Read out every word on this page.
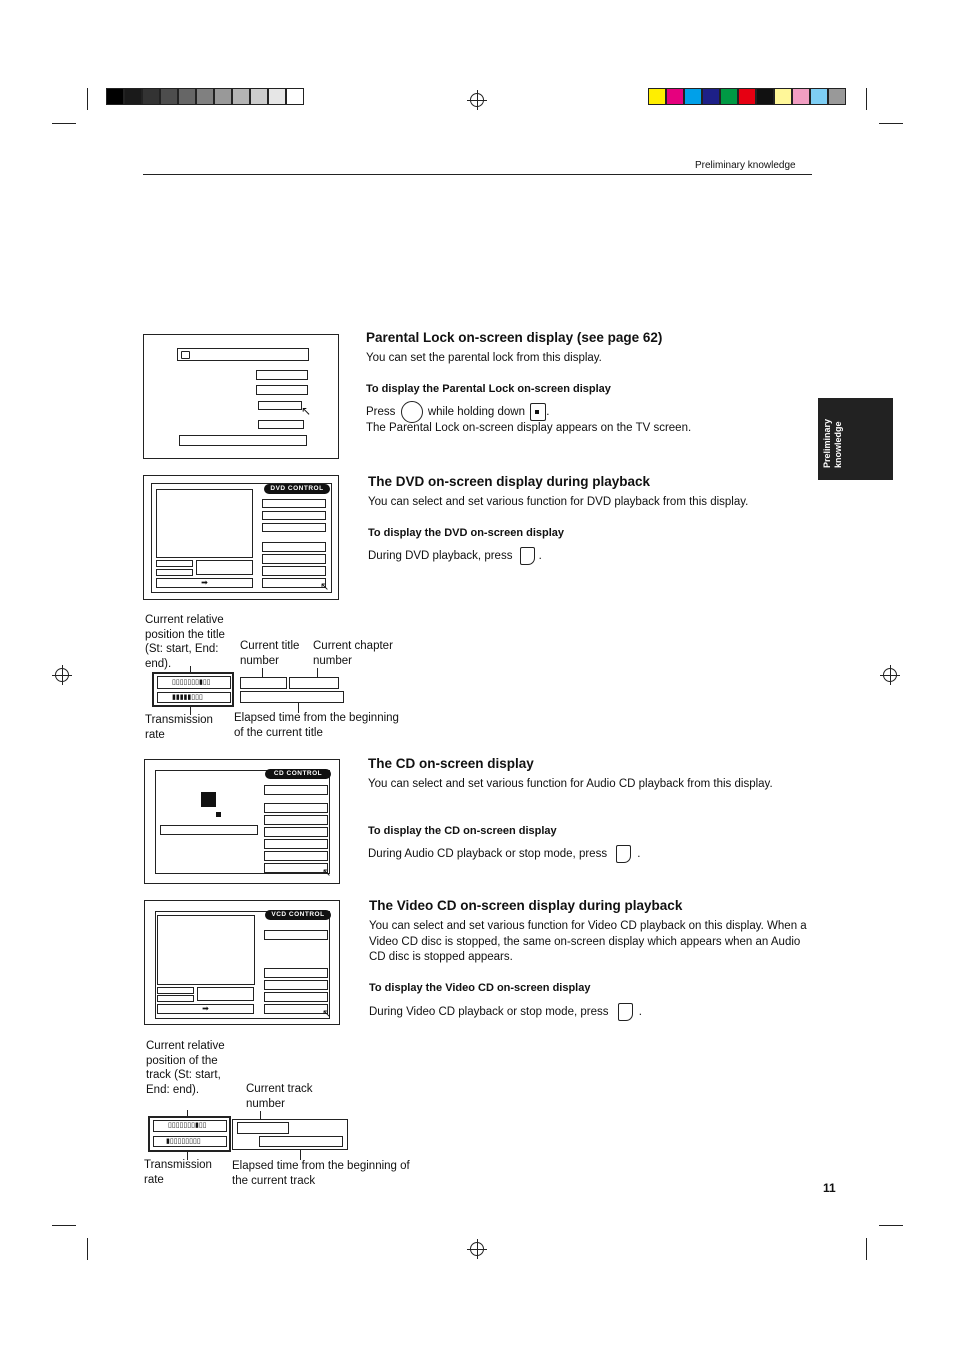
Preliminary knowledge
Preliminary knowledge
↖
Parental Lock on-screen display (see page 62)
You can set the parental lock from this display.
To display the Parental Lock on-screen display
Press	while holding down .
The Parental Lock on-screen display appears on the TV screen.
DVD CONTROL
↖
➡
The DVD on-screen display during playback
You can select and set various function for DVD playback from this display.
To display the DVD on-screen display
During DVD playback, press .
Current relative position the title (St: start, End: end).
Current title number
Current chapter number
▯▯▯▯▯▯▯▮▯▯
▮▮▮▮▮▯▯▯
Transmission rate
Elapsed time from the beginning of the current title
CD CONTROL
↖
The CD on-screen display
You can select and set various function for Audio CD playback from this display.
To display the CD on-screen display
During Audio CD playback or stop mode, press	.
VCD CONTROL
↖
➡
The Video CD on-screen display during playback
You can select and set various function for Video CD playback on this display. When a Video CD disc is stopped, the same on-screen display which appears when an Audio CD disc is stopped appears.
To display the Video CD on-screen display
During Video CD playback or stop mode, press	.
Current relative position of the track (St: start, End: end).	Current track number
▯▯▯▯▯▯▯▮▯▯
▮▯▯▯▯▯▯▯▯
Transmission rate
Elapsed time from the beginning of the current track
11
